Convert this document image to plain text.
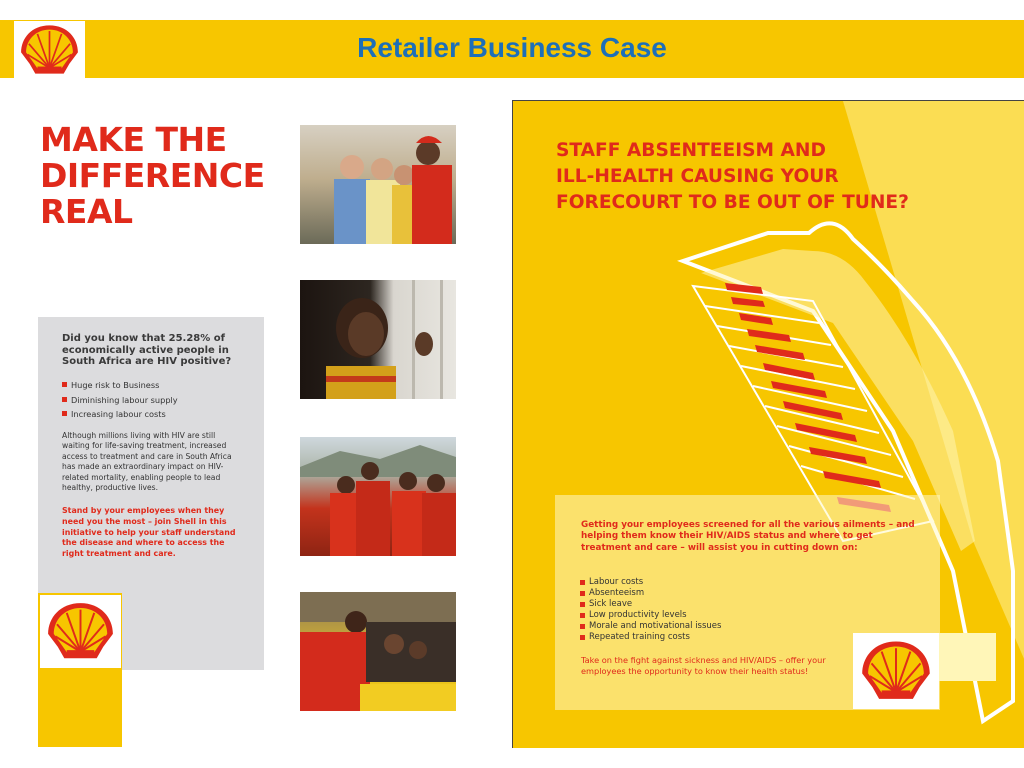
Retailer Business Case
MAKE THE
DIFFERENCE
REAL
Did you know that 25.28% of economically active people in South Africa are HIV positive?
Huge risk to Business
Diminishing labour supply
Increasing labour costs
Although millions living with HIV are still waiting for life-saving treatment, increased access to treatment and care in South Africa has made an extraordinary impact on HIV-related mortality, enabling people to lead healthy, productive lives.
Stand by your employees when they need you the most – join Shell in this initiative to help your staff understand the disease and where to access the right treatment and care.
STAFF ABSENTEEISM AND
ILL-HEALTH CAUSING YOUR
FORECOURT TO BE OUT OF TUNE?
Getting your employees screened for all the various ailments – and helping them know their HIV/AIDS status and where to get treatment and care – will assist you in cutting down on:
Labour costs
Absenteeism
Sick leave
Low productivity levels
Morale and motivational issues
Repeated training costs
Take on the fight against sickness and HIV/AIDS – offer your employees the opportunity to know their health status!
